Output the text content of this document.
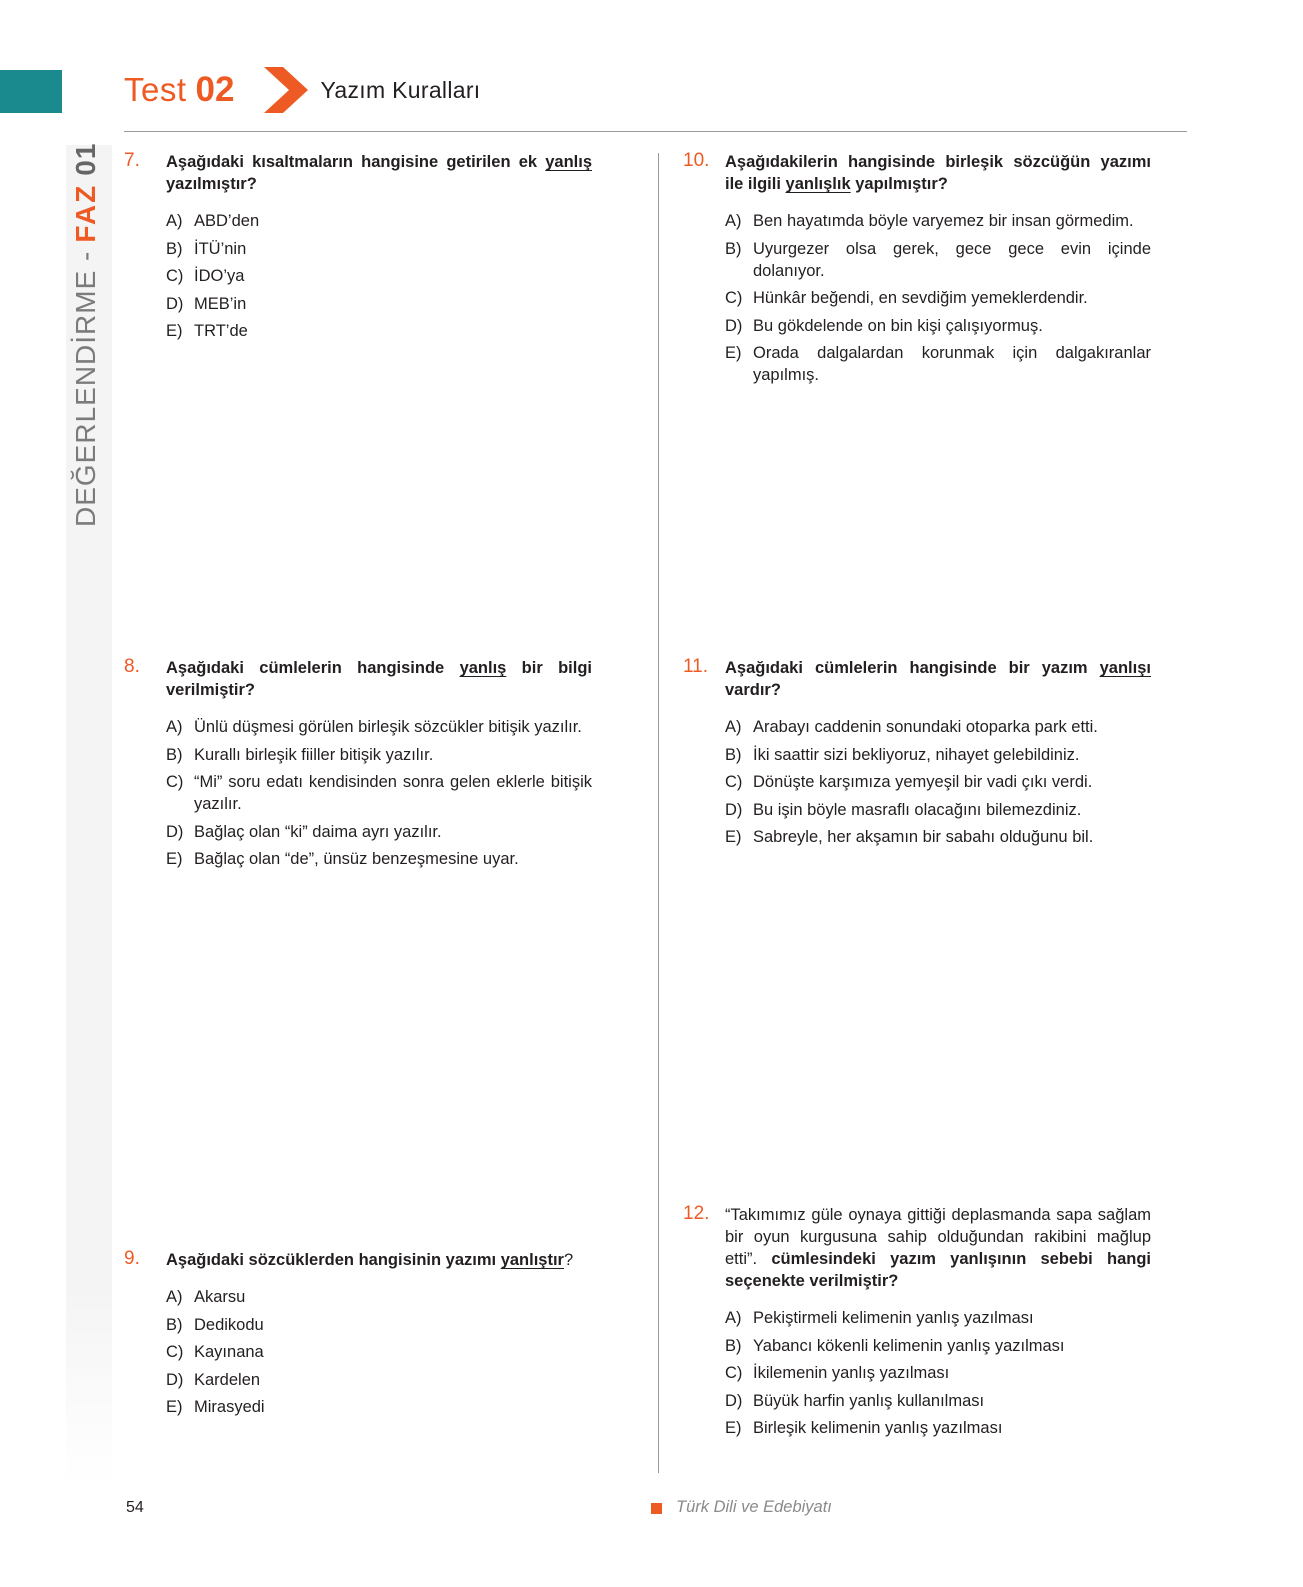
Test 02	Yazım Kuralları
DEĞERLENDİRME -
FAZ
01 7. Aşağıdaki kısaltmaların hangisine getirilen ek yanlış yazılmıştır?
A) ABD’den
B) İTÜ’nin
C) İDO’ya
D) MEB’in
E) TRT’de
8. Aşağıdaki cümlelerin hangisinde yanlış bir bilgi verilmiştir?
A) Ünlü düşmesi görülen birleşik sözcükler bitişik yazılır.
B) Kurallı birleşik fiiller bitişik yazılır.
C) “Mi” soru edatı kendisinden sonra gelen eklerle bitişik yazılır.
D) Bağlaç olan “ki” daima ayrı yazılır.
E) Bağlaç olan “de”, ünsüz benzeşmesine uyar.
9. Aşağıdaki sözcüklerden hangisinin yazımı yanlıştır?
A) Akarsu
B) Dedikodu
C) Kayınana
D) Kardelen
E) Mirasyedi
10. Aşağıdakilerin hangisinde birleşik sözcüğün yazımı ile ilgili yanlışlık yapılmıştır?
A) Ben hayatımda böyle varyemez bir insan görmedim.
B) Uyurgezer olsa gerek, gece gece evin içinde dolanıyor.
C) Hünkâr beğendi, en sevdiğim yemeklerdendir.
D) Bu gökdelende on bin kişi çalışıyormuş.
E) Orada dalgalardan korunmak için dalgakıranlar yapılmış.
11. Aşağıdaki cümlelerin hangisinde bir yazım yanlışı vardır?
A) Arabayı caddenin sonundaki otoparka park etti.
B) İki saattir sizi bekliyoruz, nihayet gelebildiniz.
C) Dönüşte karşımıza yemyeşil bir vadi çıkı verdi.
D) Bu işin böyle masraflı olacağını bilemezdiniz.
E) Sabreyle, her akşamın bir sabahı olduğunu bil.
12. “Takımımız güle oynaya gittiği deplasmanda sapa sağlam bir oyun kurgusuna sahip olduğundan rakibini mağlup etti”. cümlesindeki yazım yanlışının sebebi hangi seçenekte verilmiştir?
A) Pekiştirmeli kelimenin yanlış yazılması
B) Yabancı kökenli kelimenin yanlış yazılması
C) İkilemenin yanlış yazılması
D) Büyük harfin yanlış kullanılması
E) Birleşik kelimenin yanlış yazılması
54	Türk Dili ve Edebiyatı
